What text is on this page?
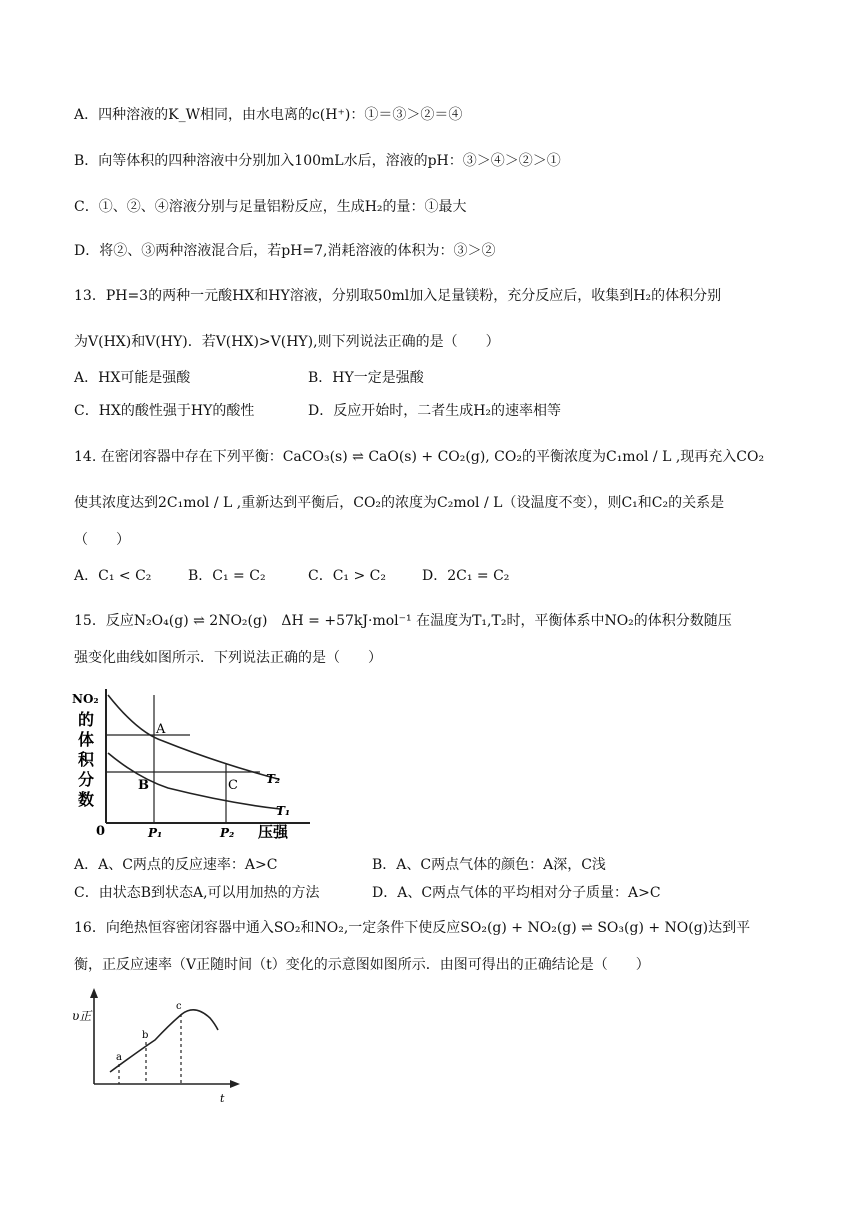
A．四种溶液的K_W相同，由水电离的c(H⁺)：①＝③＞②＝④
B．向等体积的四种溶液中分别加入100mL水后，溶液的pH：③＞④＞②＞①
C．①、②、④溶液分别与足量铝粉反应，生成H₂的量：①最大
D．将②、③两种溶液混合后，若pH=7,消耗溶液的体积为：③＞②
13．PH=3的两种一元酸HX和HY溶液，分别取50ml加入足量镁粉，充分反应后，收集到H₂的体积分别
为V(HX)和V(HY)．若V(HX)>V(HY),则下列说法正确的是（　　）
A．HX可能是强酸	B．HY一定是强酸
C．HX的酸性强于HY的酸性	D．反应开始时，二者生成H₂的速率相等
14. 在密闭容器中存在下列平衡：CaCO₃(s) ⇌ CaO(s) + CO₂(g), CO₂的平衡浓度为C₁mol / L ,现再充入CO₂
使其浓度达到2C₁mol / L ,重新达到平衡后，CO₂的浓度为C₂mol / L（设温度不变），则C₁和C₂的关系是
（　　）
A．C₁ < C₂	B．C₁ = C₂	C．C₁ > C₂	D．2C₁ = C₂
15．反应N₂O₄(g) ⇌ 2NO₂(g)　ΔH = +57kJ·mol⁻¹ 在温度为T₁,T₂时，平衡体系中NO₂的体积分数随压
强变化曲线如图所示．下列说法正确的是（　　）
NO₂
的
体
积
分
数
0
A
B	C T₂
T₁
P₁	P₂ 压强
A．A、C两点的反应速率：A>C	B．A、C两点气体的颜色：A深，C浅
C．由状态B到状态A,可以用加热的方法	D．A、C两点气体的平均相对分子质量：A>C
16．向绝热恒容密闭容器中通入SO₂和NO₂,一定条件下使反应SO₂(g) + NO₂(g) ⇌ SO₃(g) + NO(g)达到平
衡，正反应速率（V正随时间（t）变化的示意图如图所示．由图可得出的正确结论是（　　）
υ正
t
a
b
c
